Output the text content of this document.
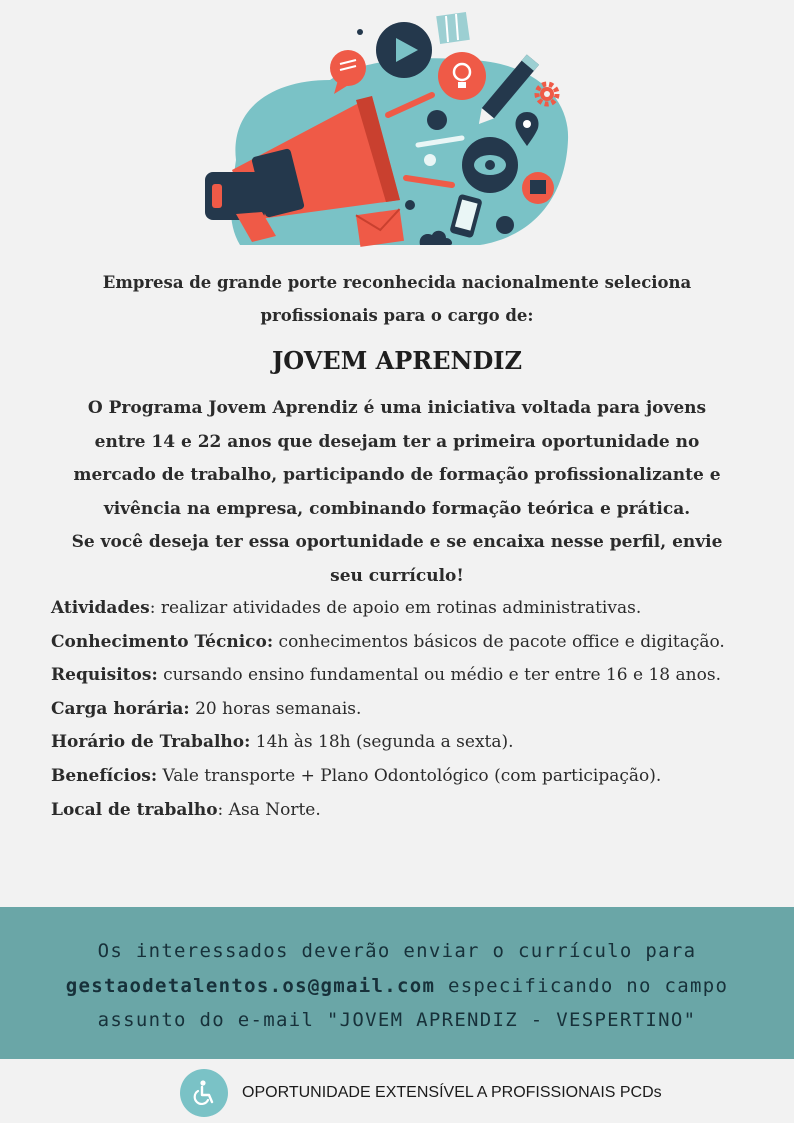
Empresa de grande porte reconhecida nacionalmente seleciona
profissionais para o cargo de:
JOVEM APRENDIZ
O Programa Jovem Aprendiz é uma iniciativa voltada para jovens
entre 14 e 22 anos que desejam ter a primeira oportunidade no
mercado de trabalho, participando de formação profissionalizante e
vivência na empresa, combinando formação teórica e prática.
Se você deseja ter essa oportunidade e se encaixa nesse perfil, envie
seu currículo!

Atividades: realizar atividades de apoio em rotinas administrativas.

Conhecimento Técnico: conhecimentos básicos de pacote office e digitação.

Requisitos: cursando ensino fundamental ou médio e ter entre 16 e 18 anos.

Carga horária: 20 horas semanais.

Horário de Trabalho: 14h às 18h (segunda a sexta).

Benefícios: Vale transporte + Plano Odontológico (com participação).

Local de trabalho: Asa Norte.

Os interessados deverão enviar o currículo para
gestaodetalentos.os@gmail.com especificando no campo
assunto do e-mail "JOVEM APRENDIZ - VESPERTINO"
OPORTUNIDADE EXTENSÍVEL A PROFISSIONAIS PCDs
